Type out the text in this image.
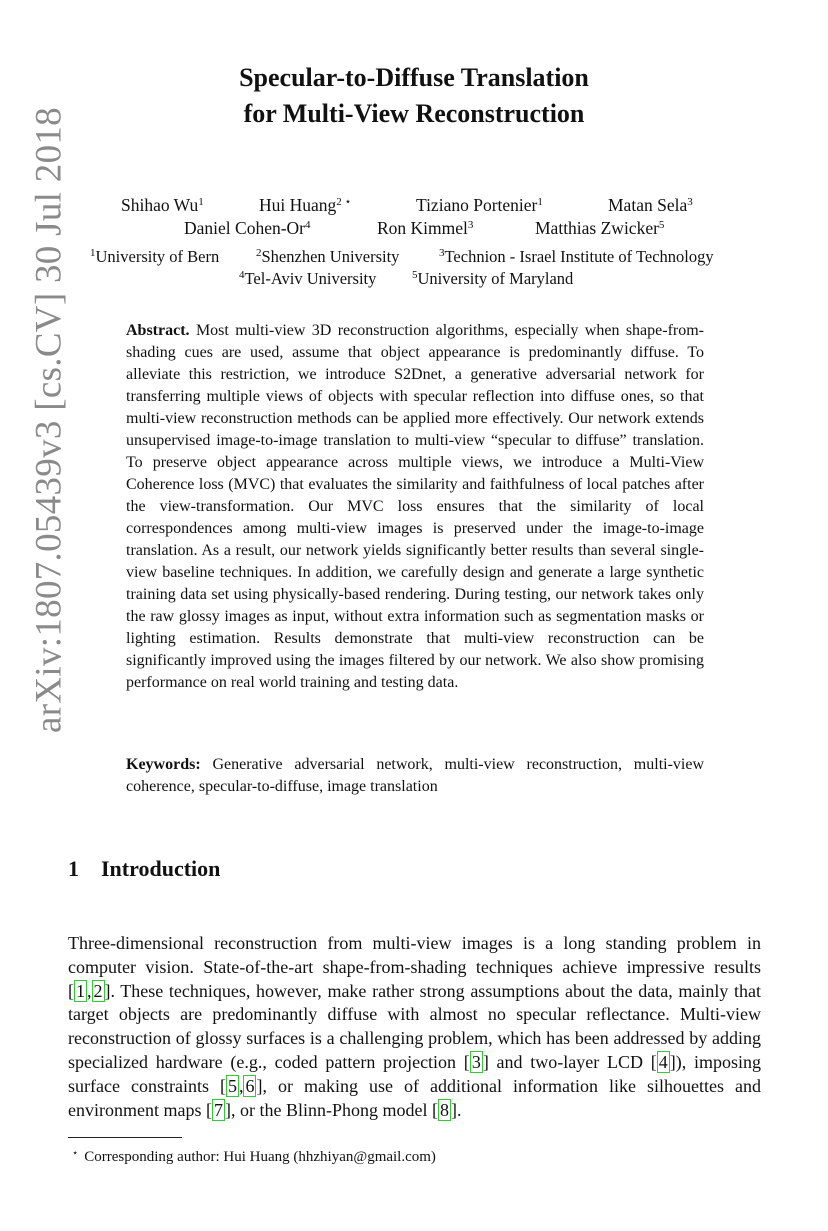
arXiv:1807.05439v3 [cs.CV] 30 Jul 2018
Specular-to-Diffuse Translation
for Multi-View Reconstruction
Shihao Wu$^1$	Hui Huang$^{2 ⋆}$	Tiziano Portenier$^1$	Matan Sela$^3$
Daniel Cohen-Or$^4$	Ron Kimmel$^3$	Matthias Zwicker$^5$
$^1$University of Bern	$^2$Shenzhen University	$^3$Technion - Israel Institute of Technology
$^4$Tel-Aviv University	$^5$University of Maryland
Abstract. Most multi-view 3D reconstruction algorithms, especially when shape-from-shading cues are used, assume that object appearance is predominantly diffuse. To alleviate this restriction, we introduce S2Dnet, a generative adversarial network for transferring multiple views of objects with specular reflection into diffuse ones, so that multi-view reconstruction methods can be applied more effectively. Our network extends unsupervised image-to-image translation to multi-view “specular to diffuse” translation. To preserve object appearance across multiple views, we introduce a Multi-View Coherence loss (MVC) that evaluates the similarity and faithfulness of local patches after the view-transformation. Our MVC loss ensures that the similarity of local correspondences among multi-view images is preserved under the image-to-image translation. As a result, our network yields significantly better results than several single-view baseline techniques. In addition, we carefully design and generate a large synthetic training data set using physically-based rendering. During testing, our network takes only the raw glossy images as input, without extra information such as segmentation masks or lighting estimation. Results demonstrate that multi-view reconstruction can be significantly improved using the images filtered by our network. We also show promising performance on real world training and testing data.
Keywords: Generative adversarial network, multi-view reconstruction, multi-view coherence, specular-to-diffuse, image translation
1 Introduction
Three-dimensional reconstruction from multi-view images is a long standing problem in computer vision. State-of-the-art shape-from-shading techniques achieve impressive results [ 1 , 2 ]. These techniques, however, make rather strong assumptions about the data, mainly that target objects are predominantly diffuse with almost no specular reflectance. Multi-view reconstruction of glossy surfaces is a challenging problem, which has been addressed by adding specialized hardware (e.g., coded pattern projection [ 3 ] and two-layer LCD [ 4 ]), imposing surface constraints [ 5 , 6 ], or making use of additional information like silhouettes and environment maps [ 7 ], or the Blinn-Phong model [ 8 ].
⋆ Corresponding author: Hui Huang (hhzhiyan@gmail.com)
